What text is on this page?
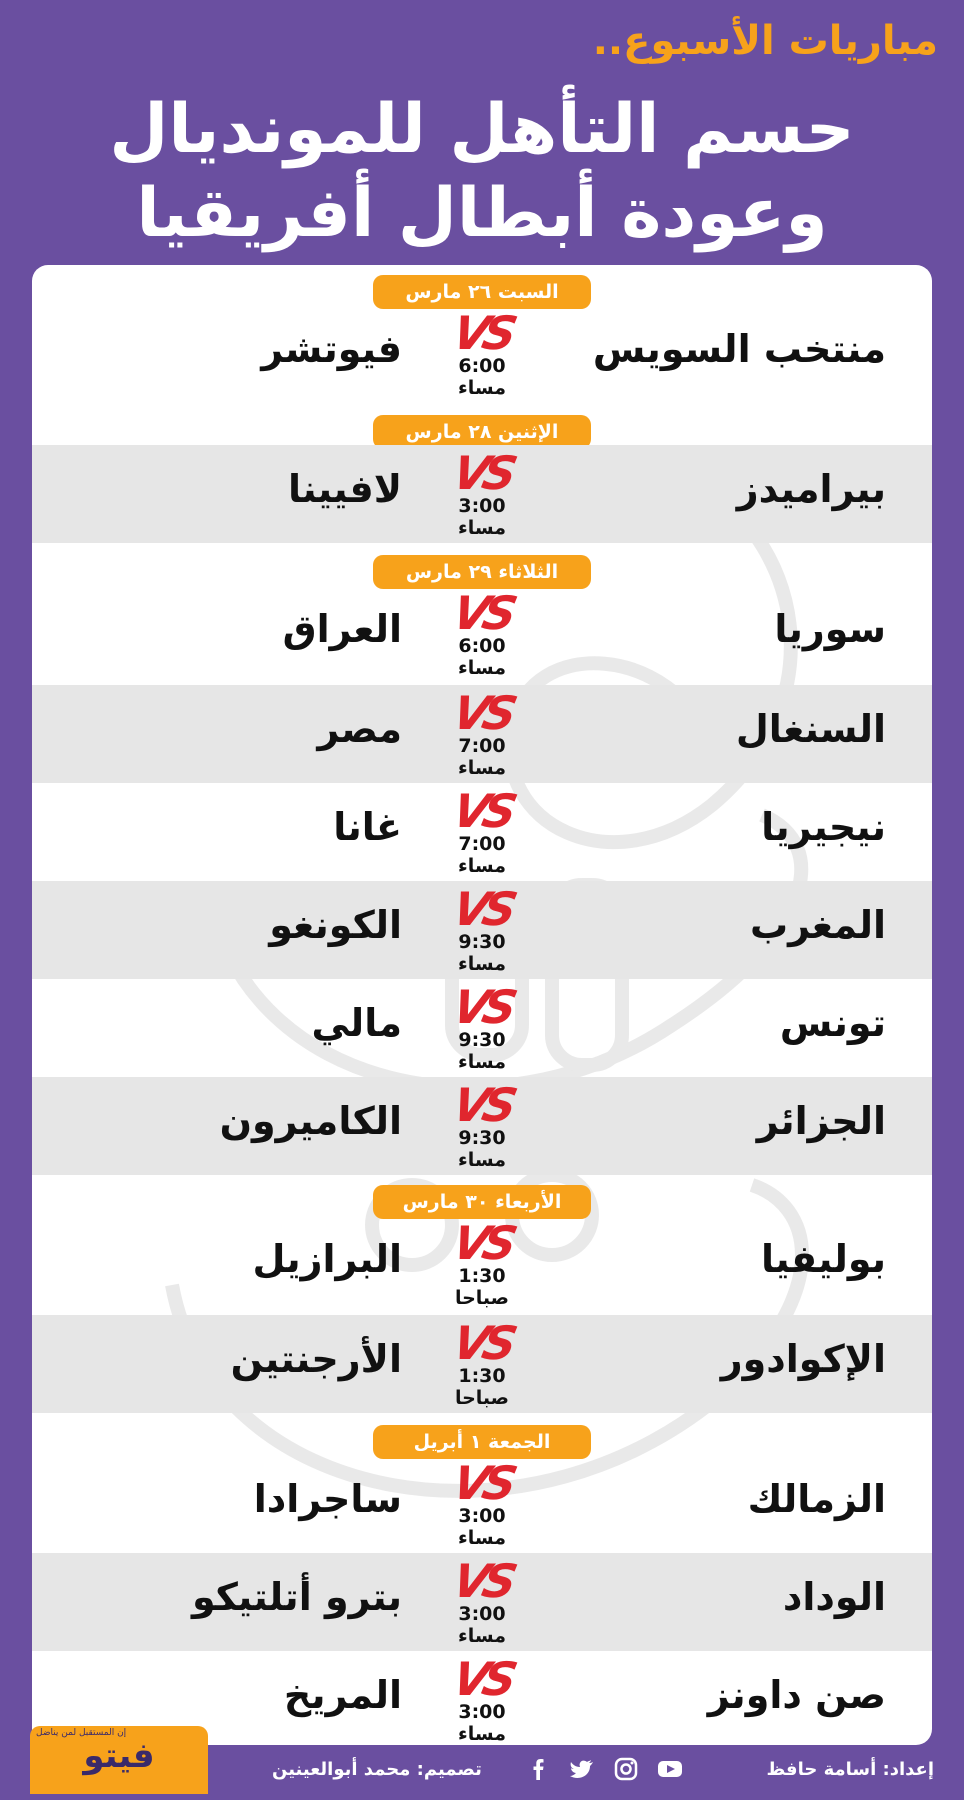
مباريات الأسبوع..
حسم التأهل للمونديال
وعودة أبطال أفريقيا
السبت ٢٦ مارس
الإثنين ٢٨ مارس
الثلاثاء ٢٩ مارس
الأربعاء ٣٠ مارس
الجمعة ١ أبريل
منتخب السويس
VS
6:00 مساء
فيوتشر
بيراميدز
VS
3:00 مساء
لافيينا
سوريا
VS
6:00 مساء
العراق
السنغال
VS
7:00 مساء
مصر
نيجيريا
VS
7:00 مساء
غانا
المغرب
VS
9:30 مساء
الكونغو
تونس
VS
9:30 مساء
مالي
الجزائر
VS
9:30 مساء
الكاميرون
بوليفيا
VS
1:30 صباحا
البرازيل
الإكوادور
VS
1:30 صباحا
الأرجنتين
الزمالك
VS
3:00 مساء
ساجرادا
الوداد
VS
3:00 مساء
بترو أتلتيكو
صن داونز
VS
3:00 مساء
المريخ
إعداد: أسامة حافظ
تصميم: محمد أبوالعينين
إن المستقبل لمن يناضل
فيتو
